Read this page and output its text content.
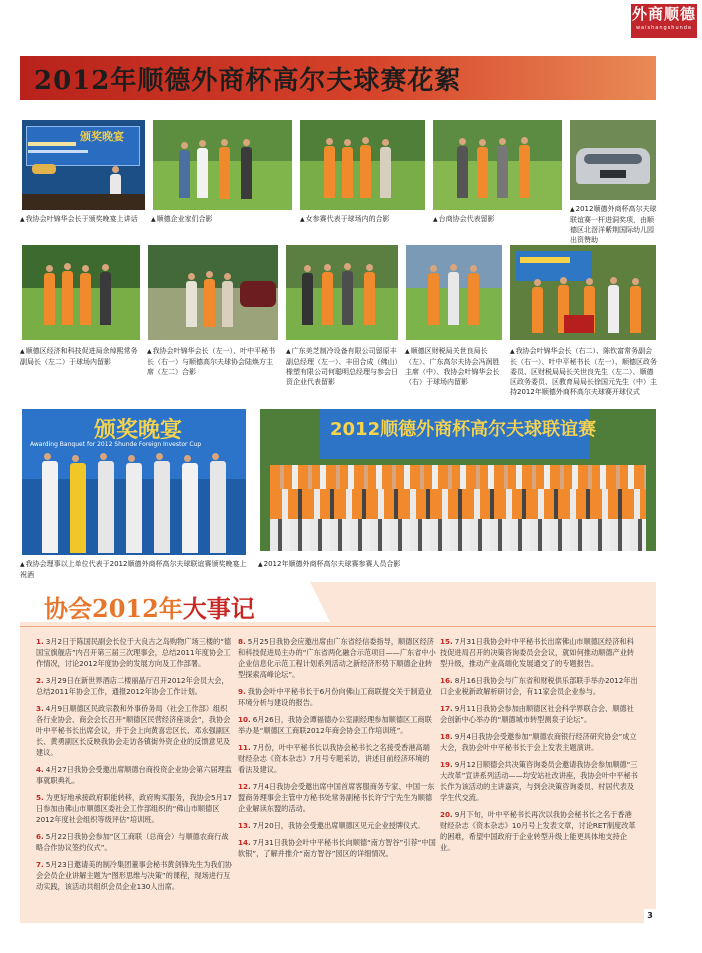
外商顺德
waishangshunde
2012年顺德外商杯高尔夫球赛花絮
颁奖晚宴
▲我协会叶锦华会长于颁奖晚宴上讲话	▲顺德企业家们合影	▲女参赛代表于球场内的合影	▲台商协会代表留影
▲2012顺德外商杯高尔夫球联谊赛一杆进洞奖项，由顺德区北滘洋紫荆国际幼儿园出资赞助
▲顺德区经济和科技促进局余绰熙常务副局长（左二）于球场内留影
▲我协会叶锦华会长（左一）、叶中平秘书长（右一）与顺德高尔夫球协会陆焕方主席（左二）合影
▲广东美芝制冷设备有限公司留原丰副总经理（左一）、丰田合成（佛山）橡塑有限公司何聪明总经理与参会日资企业代表留影
▲顺德区财税局关世良局长（左）、广东高尔夫协会冯润胜主席（中）、我协会叶锦华会长（右）于球场内留影
▲我协会叶锦华会长（右二）、陈钦富常务副会长（右一）、叶中平秘书长（左一）、顺德区政务委员、区财税局局长关世良先生（左二）、顺德区政务委员、区教育局局长徐国元先生（中）主持2012年顺德外商杯高尔夫球赛开球仪式
颁奖晚宴
Awarding Banquet for 2012 Shunde Foreign Investor Cup
2012顺德外商杯高尔夫球联谊赛
▲我协会理事以上单位代表于2012顺德外商杯高尔夫球联谊赛颁奖晚宴上祝酒
▲2012年顺德外商杯高尔夫球赛参赛人员合影
协会2012年大事记

1. 3月2日于陈国民副会长位于大良古之岛购物广场三楼的“德国宝旗舰店”内召开第三届三次理事会，总结2011年度协会工作情况，讨论2012年度协会的发展方向及工作部署。

2. 3月29日在新世界酒店二楼丽晶厅召开2012年会员大会，总结2011年协会工作，通报2012年协会工作计划。

3. 4月9日顺德区民政宗教和外事侨务局（社会工作部）组织各行业协会、商会会长召开“顺德区民营经济座谈会”，我协会叶中平秘书长出席会议，并于会上向黄喜忠区长、邓永强副区长、黄勇副区长反映我协会走访各镇街外资企业的反馈意见及建议。

4. 4月27日我协会受邀出席顺德台商投资企业协会第六届理监事就职典礼。

5. 为更好地承接政府职能转移，政府购买服务，我协会5月17日参加由佛山市顺德区委社会工作部组织的“佛山市顺德区2012年度社会组织等级评估”培训班。

6. 5月22日我协会参加“区工商联（总商会）与顺德农商行战略合作协议签约仪式”。

7. 5月23日邀请美的制冷集团董事会秘书黄剑锋先生为我们协会会员企业讲解主题为“图形思维与决策”的课程，现场进行互动实践，该活动共组织会员企业130人出席。

8. 5月25日我协会应邀出席由广东省经信委指导，顺德区经济和科技促进局主办的“广东省两化融合示范项目——广东省中小企业信息化示范工程计划系列活动之新经济形势下顺德企业转型探索高峰论坛”。

9. 我协会叶中平秘书长于6月份向佛山工商联提交关于制造业环境分析与建设的报告。

10. 6月26日，我协会谭福德办公室副经理参加顺德区工商联举办是“顺德区工商联2012年商会协会工作培训班”。

11. 7月份，叶中平秘书长以我协会秘书长之名接受香港高端财经杂志《资本杂志》7月号专题采访，讲述目前经济环境的看法及建议。

12. 7月4日我协会受邀出席中国首席客服商务专家、中国一东盟商务理事会主管中方秘书处常务副秘书长许宁宁先生为顺德企业解读东盟的活动。

13. 7月20日，我协会受邀出席顺德区见元企业授牌仪式。

14. 7月31日我协会叶中平秘书长向顺德“南方智谷”引荐“中国软银”，了解并推介“南方智谷”园区的详细情况。

15. 7月31日我协会叶中平秘书长出席佛山市顺德区经济和科技促进局召开的决策咨询委员会会议，就如何推动顺德产业转型升级，推动产业高端化发展通交了的专题报告。

16. 8月16日我协会与广东省和财税供乐部联手举办2012年出口企业税新政解析研讨会，有11家会员企业参与。

17. 9月11日我协会参加由顺德区社会科学界联合会、顺德社会创新中心举办的“顺德城市转型测泉子论坛”。

18. 9月4日我协会受邀参加“顺德农商银行经济研究协会”成立大会，我协会叶中平秘书长于会上发表主题演讲。

19. 9月12日顺德会共决策咨询委员会邀请我协会参加顺德“三大改革”宣讲系列活动——均安站社改讲座，我协会叶中平秘书长作为该活动的主讲嘉宾，与到会决策咨询委员、村居代表及学生代交流。

20. 9月下旬，叶中平秘书长再次以我协会秘书长之名于香港财经杂志《资本杂志》10月号上发表文章，讨论RET制度改革的困难，希望中国政府于企业转型升级上能更具体地支持企业。

3
